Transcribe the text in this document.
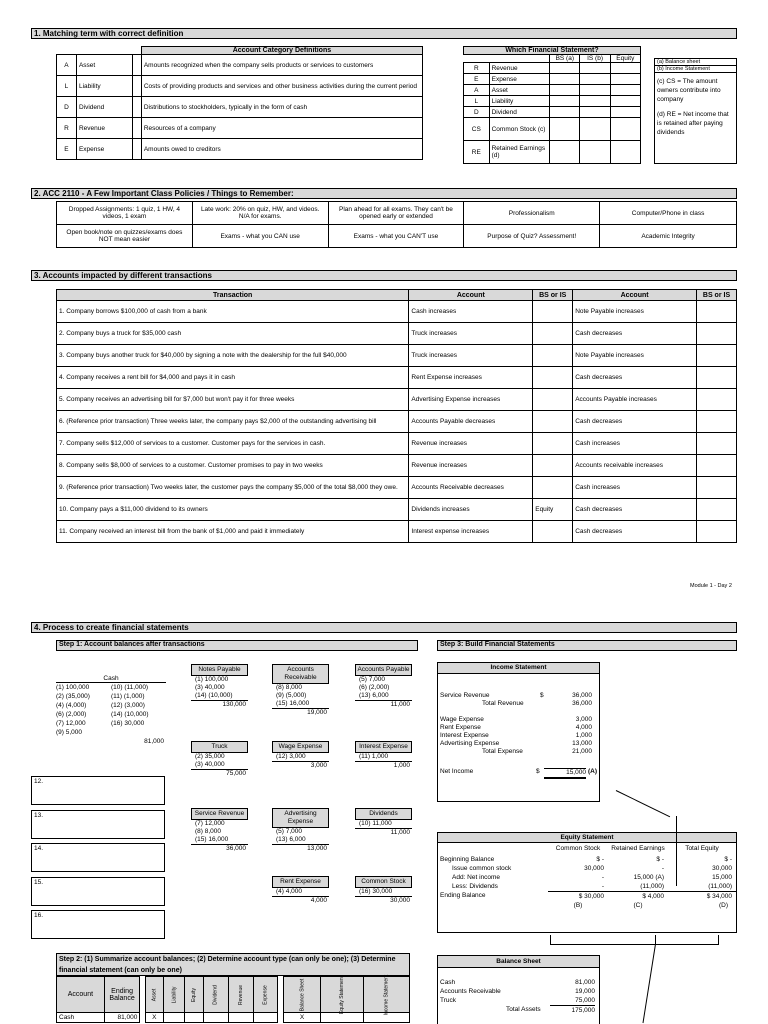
1. Matching term with correct definition
			Account Category Definitions
A	Asset		Amounts recognized when the company sells products or services to customers
L	Liability		Costs of providing products and services and other business activities during the current period
D	Dividend		Distributions to stockholders, typically in the form of cash
R	Revenue		Resources of a company
E	Expense		Amounts owed to creditors
Which Financial Statement?				
		BS (a)	IS (b)	Equity
R	Revenue			
E	Expense			
A	Asset			
L	Liability			
D	Dividend			
CS	Common Stock (c)			
RE	Retained Earnings (d)			
(a) Balance sheet
(b) Income Statement
(c) CS = The amount owners contribute into company
(d) RE = Net income that is retained after paying dividends
2. ACC 2110 - A Few Important Class Policies / Things to Remember:
Dropped Assignments: 1 quiz, 1 HW, 4 videos, 1 exam	Late work: 20% on quiz, HW, and videos. N/A for exams.	Plan ahead for all exams. They can't be opened early or extended	Professionalism	Computer/Phone in class
Open book/note on quizzes/exams does NOT mean easier	Exams - what you CAN use	Exams - what you CAN'T use	Purpose of Quiz? Assessment!	Academic Integrity
3. Accounts impacted by different transactions
Transaction	Account	BS or IS	Account	BS or IS
1. Company borrows $100,000 of cash from a bank	Cash increases		Note Payable increases	
2. Company buys a truck for $35,000 cash	Truck increases		Cash decreases	
3. Company buys another truck for $40,000 by signing a note with the dealership for the full $40,000	Truck increases		Note Payable increases	
4. Company receives a rent bill for $4,000 and pays it in cash	Rent Expense increases		Cash decreases	
5. Company receives an advertising bill for $7,000 but won't pay it for three weeks	Advertising Expense increases		Accounts Payable increases	
6. (Reference prior transaction) Three weeks later, the company pays $2,000 of the outstanding advertising bill	Accounts Payable decreases		Cash decreases	
7. Company sells $12,000 of services to a customer. Customer pays for the services in cash.	Revenue increases		Cash increases	
8. Company sells $8,000 of services to a customer. Customer promises to pay in two weeks	Revenue increases		Accounts receivable increases	
9. (Reference prior transaction) Two weeks later, the customer pays the company $5,000 of the total $8,000 they owe.	Accounts Receivable decreases		Cash increases	
10. Company pays a $11,000 dividend to its owners	Dividends increases	Equity	Cash decreases	
11. Company received an interest bill from the bank of $1,000 and paid it immediately	Interest expense increases		Cash decreases	
Module 1 - Day 2
4. Process to create financial statements
Step 1: Account balances after transactions	Step 3: Build Financial Statements
Cash
(1) 100,000
(2) (35,000)
(4) (4,000)
(6) (2,000)
(7) 12,000
(9) 5,000
(10) (11,000)
(11) (1,000)
(12) (3,000)
(14) (10,000)
(16) 30,000
81,000
Notes Payable
(1) 100,000
(3) 40,000
(14) (10,000)
130,000
Accounts Receivable
(8) 8,000
(9) (5,000)
(15) 16,000
19,000
Accounts Payable
(5) 7,000
(6) (2,000)
(13) 6,000
11,000
Truck
(2) 35,000
(3) 40,000
75,000
Wage Expense
(12) 3,000
3,000
Interest Expense
(11) 1,000
1,000
Service Revenue
(7) 12,000
(8) 8,000
(15) 16,000
36,000
Advertising Expense
(5) 7,000
(13) 6,000
13,000
Dividends
(10) 11,000
11,000
Rent Expense
(4) 4,000
4,000
Common Stock
(16) 30,000
30,000
12.
13.
14.
15.
16.
Income Statement
Service Revenue	$	36,000
Total Revenue	36,000
Wage Expense	3,000
Rent Expense	4,000
Interest Expense	1,000
Advertising Expense	13,000
Total Expense	21,000
Net Income	$	15,000 (A)
Equity Statement
Common Stock	Retained Earnings	Total Equity
Beginning Balance	$ -	$ -	$ -
Issue common stock	30,000	-	30,000
Add: Net income	-	15,000 (A)	15,000
Less: Dividends	-	(11,000)	(11,000)
Ending Balance	$ 30,000	$ 4,000	$ 34,000
(B)	(C)	(D)
Step 2: (1) Summarize account balances; (2) Determine account type (can only be one); (3) Determine financial statement (can only be one)
Account	Ending Balance		Asset	Liability	Equity	Dividend	Revenue	Expense		Balance Sheet	Equity Statement	Income Statement

Cash	81,000		X							X		
Balance Sheet
Cash	81,000
Accounts Receivable	19,000
Truck	75,000
Total Assets	175,000
